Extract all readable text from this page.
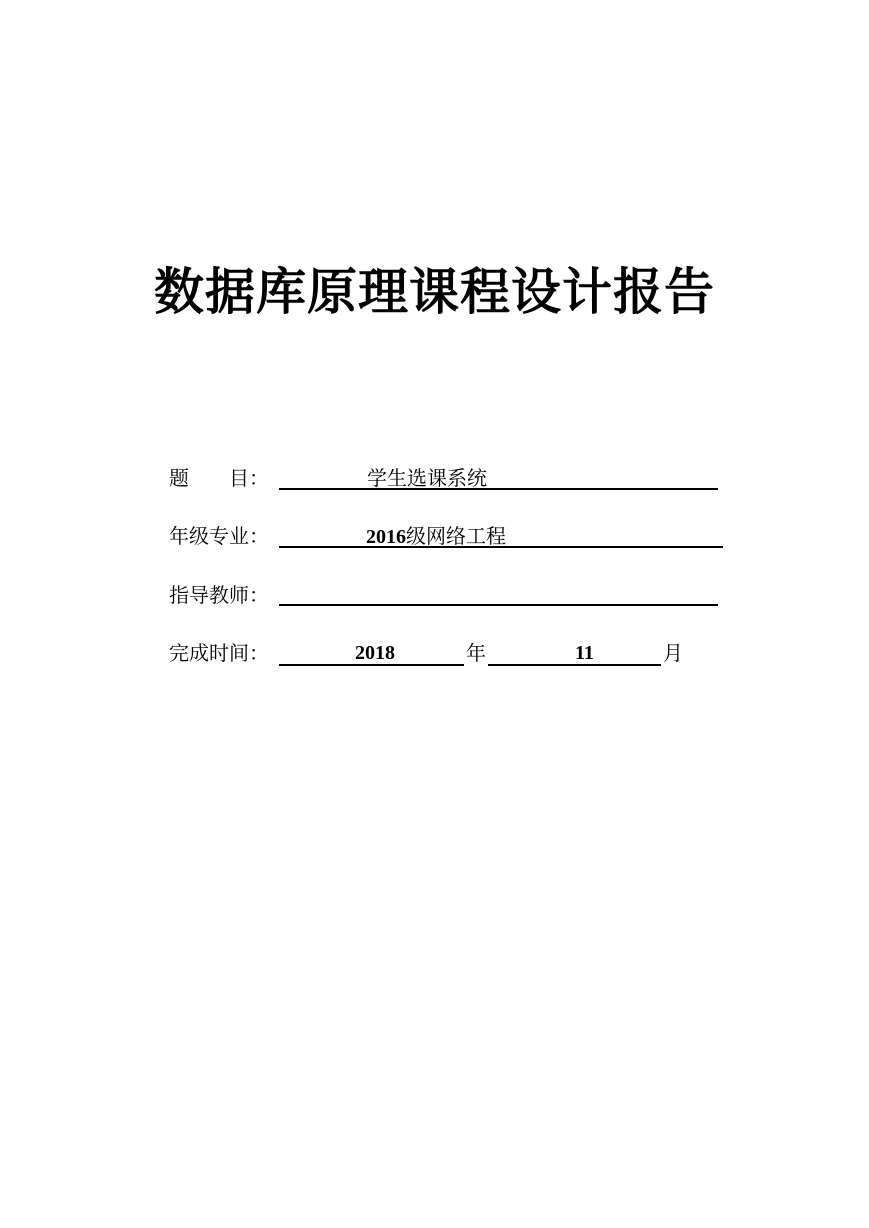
数据库原理课程设计报告
题　　目：	学生选课系统
年级专业：	2016级网络工程
指导教师：
完成时间：	2018	年	11	月
